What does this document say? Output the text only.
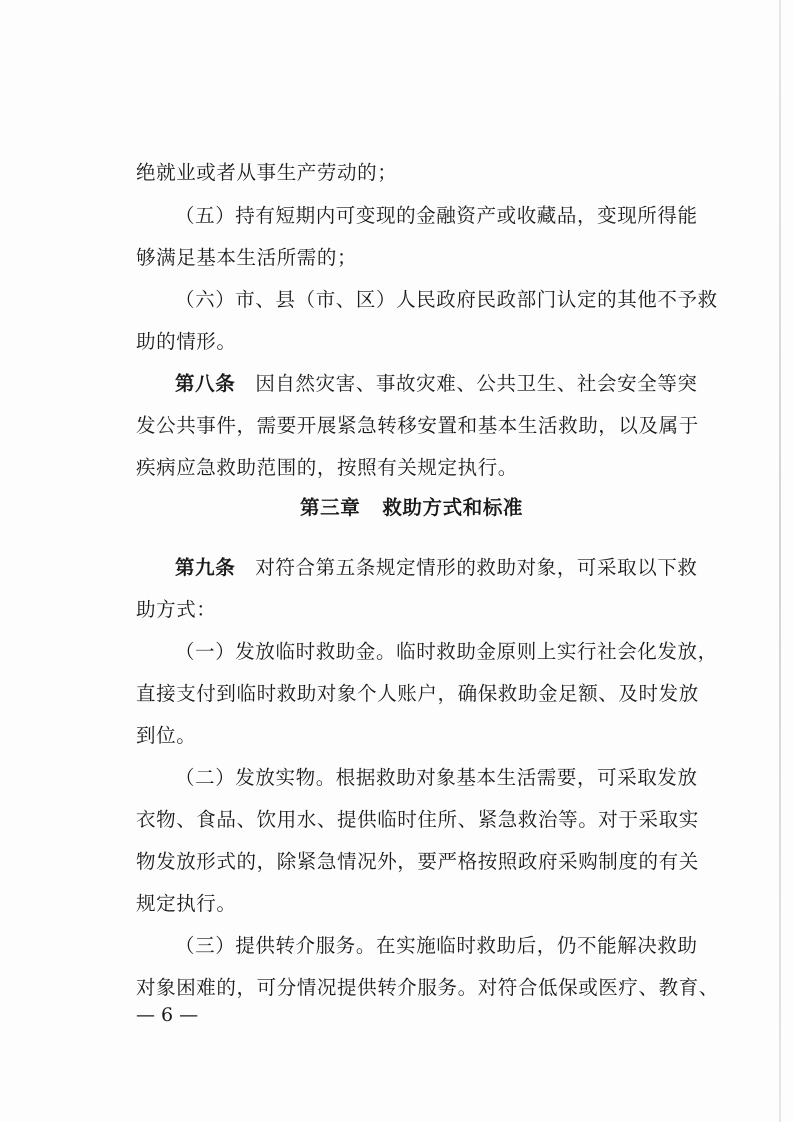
绝就业或者从事生产劳动的；
（五）持有短期内可变现的金融资产或收藏品，变现所得能
够满足基本生活所需的；
（六）市、县（市、区）人民政府民政部门认定的其他不予救
助的情形。
第八条 因自然灾害、事故灾难、公共卫生、社会安全等突
发公共事件，需要开展紧急转移安置和基本生活救助，以及属于
疾病应急救助范围的，按照有关规定执行。
第三章 救助方式和标准
第九条 对符合第五条规定情形的救助对象，可采取以下救
助方式：
（一）发放临时救助金。临时救助金原则上实行社会化发放，
直接支付到临时救助对象个人账户，确保救助金足额、及时发放
到位。
（二）发放实物。根据救助对象基本生活需要，可采取发放
衣物、食品、饮用水、提供临时住所、紧急救治等。对于采取实
物发放形式的，除紧急情况外，要严格按照政府采购制度的有关
规定执行。
（三）提供转介服务。在实施临时救助后，仍不能解决救助
对象困难的，可分情况提供转介服务。对符合低保或医疗、教育、
— 6 —
